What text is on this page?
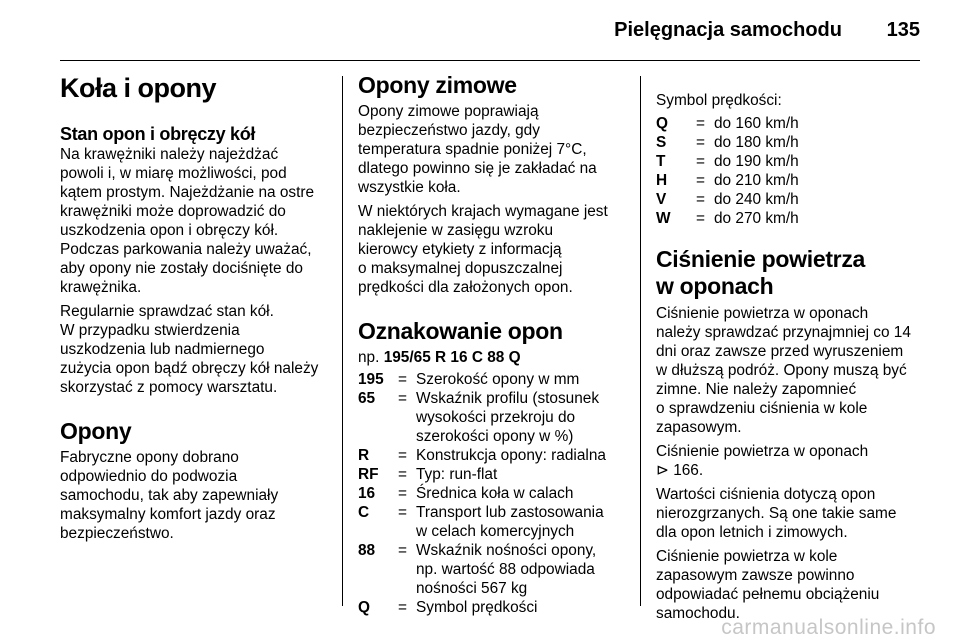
Pielęgnacja samochodu 135
Koła i opony
Stan opon i obręczy kół

Na krawężniki należy najeżdżać
powoli i, w miarę możliwości, pod
kątem prostym. Najeżdżanie na ostre
krawężniki może doprowadzić do
uszkodzenia opon i obręczy kół.
Podczas parkowania należy uważać,
aby opony nie zostały dociśnięte do
krawężnika.

Regularnie sprawdzać stan kół.
W przypadku stwierdzenia
uszkodzenia lub nadmiernego
zużycia opon bądź obręczy kół należy
skorzystać z pomocy warsztatu.

Opony

Fabryczne opony dobrano
odpowiednio do podwozia
samochodu, tak aby zapewniały
maksymalny komfort jazdy oraz
bezpieczeństwo.

Opony zimowe

Opony zimowe poprawiają
bezpieczeństwo jazdy, gdy
temperatura spadnie poniżej 7°C,
dlatego powinno się je zakładać na
wszystkie koła.

W niektórych krajach wymagane jest
naklejenie w zasięgu wzroku
kierowcy etykiety z informacją
o maksymalnej dopuszczalnej
prędkości dla założonych opon.

Oznakowanie opon

np. 195/65 R 16 C 88 Q

195	=	Szerokość opony w mm
65	=	Wskaźnik profilu (stosunek
wysokości przekroju do
szerokości opony w %)
R	=	Konstrukcja opony: radialna
RF	=	Typ: run-flat
16	=	Średnica koła w calach
C	=	Transport lub zastosowania
w celach komercyjnych
88	=	Wskaźnik nośności opony,
np. wartość 88 odpowiada
nośności 567 kg
Q	=	Symbol prędkości

Symbol prędkości:

Q	=	do 160 km/h
S	=	do 180 km/h
T	=	do 190 km/h
H	=	do 210 km/h
V	=	do 240 km/h
W	=	do 270 km/h
Ciśnienie powietrza
w oponach

Ciśnienie powietrza w oponach
należy sprawdzać przynajmniej co 14
dni oraz zawsze przed wyruszeniem
w dłuższą podróż. Opony muszą być
zimne. Nie należy zapomnieć
o sprawdzeniu ciśnienia w kole
zapasowym.

Ciśnienie powietrza w oponach
⊳ 166.

Wartości ciśnienia dotyczą opon
nierozgrzanych. Są one takie same
dla opon letnich i zimowych.

Ciśnienie powietrza w kole
zapasowym zawsze powinno
odpowiadać pełnemu obciążeniu
samochodu.

carmanualsonline.info
